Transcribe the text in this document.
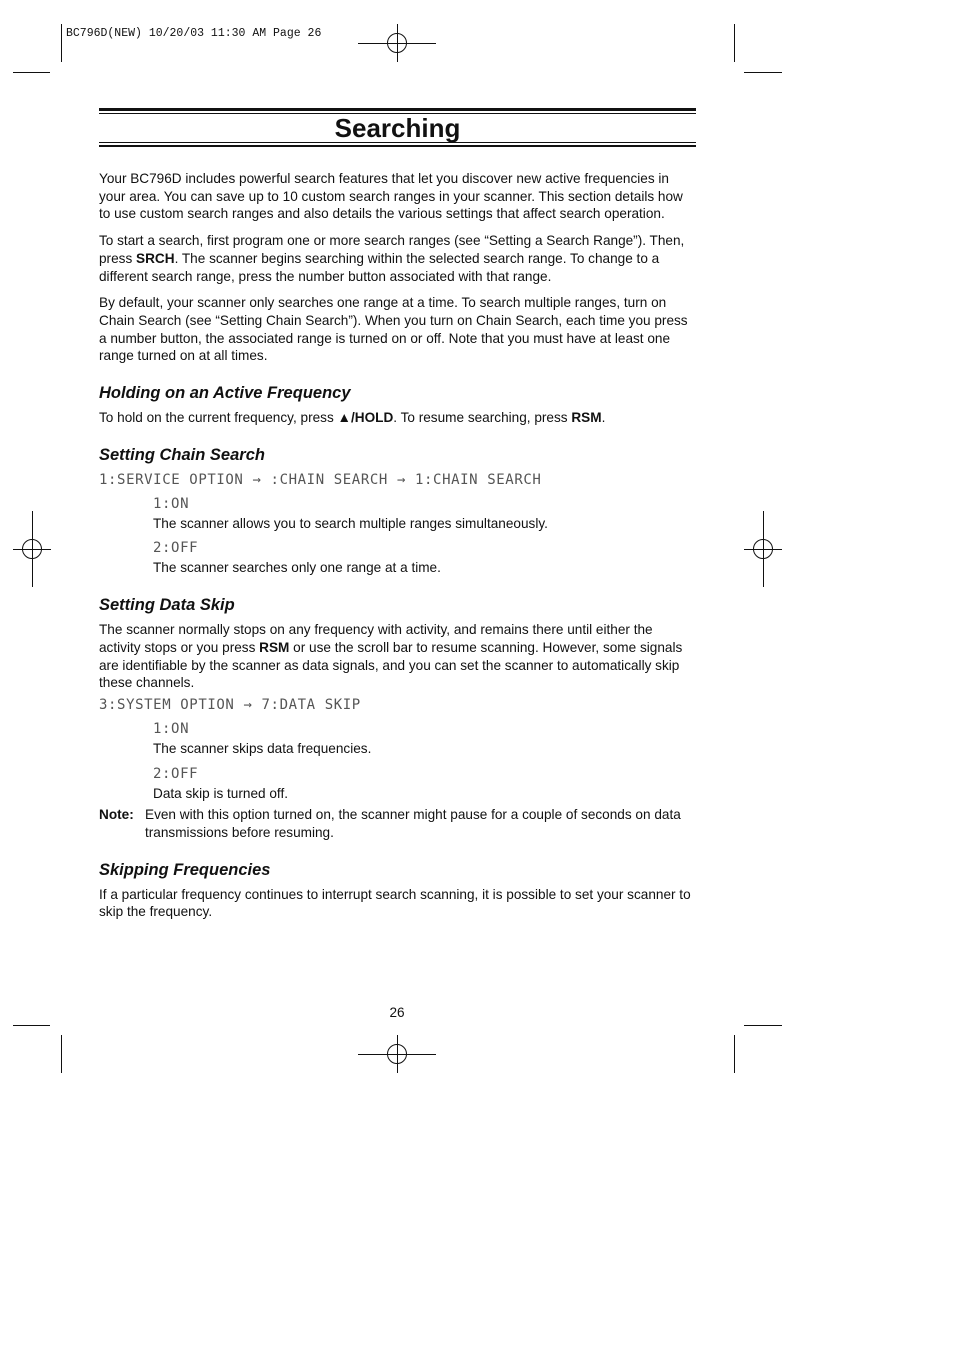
BC796D(NEW) 10/20/03 11:30 AM Page 26
Searching

Your BC796D includes powerful search features that let you discover new active frequencies in your area. You can save up to 10 custom search ranges in your scanner. This section details how to use custom search ranges and also details the various settings that affect search operation.

To start a search, first program one or more search ranges (see “Setting a Search Range”). Then, press SRCH. The scanner begins searching within the selected search range. To change to a different search range, press the number button associated with that range.

By default, your scanner only searches one range at a time. To search multiple ranges, turn on Chain Search (see “Setting Chain Search”). When you turn on Chain Search, each time you press a number button, the associated range is turned on or off. Note that you must have at least one range turned on at all times.

Holding on an Active Frequency

To hold on the current frequency, press ▲/HOLD. To resume searching, press RSM.

Setting Chain Search
1:SERVICE OPTION → :CHAIN SEARCH → 1:CHAIN SEARCH
1:ON
The scanner allows you to search multiple ranges simultaneously.
2:OFF
The scanner searches only one range at a time.
Setting Data Skip

The scanner normally stops on any frequency with activity, and remains there until either the activity stops or you press RSM or use the scroll bar to resume scanning. However, some signals are identifiable by the scanner as data signals, and you can set the scanner to automatically skip these channels.

3:SYSTEM OPTION → 7:DATA SKIP
1:ON
The scanner skips data frequencies.
2:OFF
Data skip is turned off.
Note: Even with this option turned on, the scanner might pause for a couple of seconds on data transmissions before resuming.
Skipping Frequencies

If a particular frequency continues to interrupt search scanning, it is possible to set your scanner to skip the frequency.

26
